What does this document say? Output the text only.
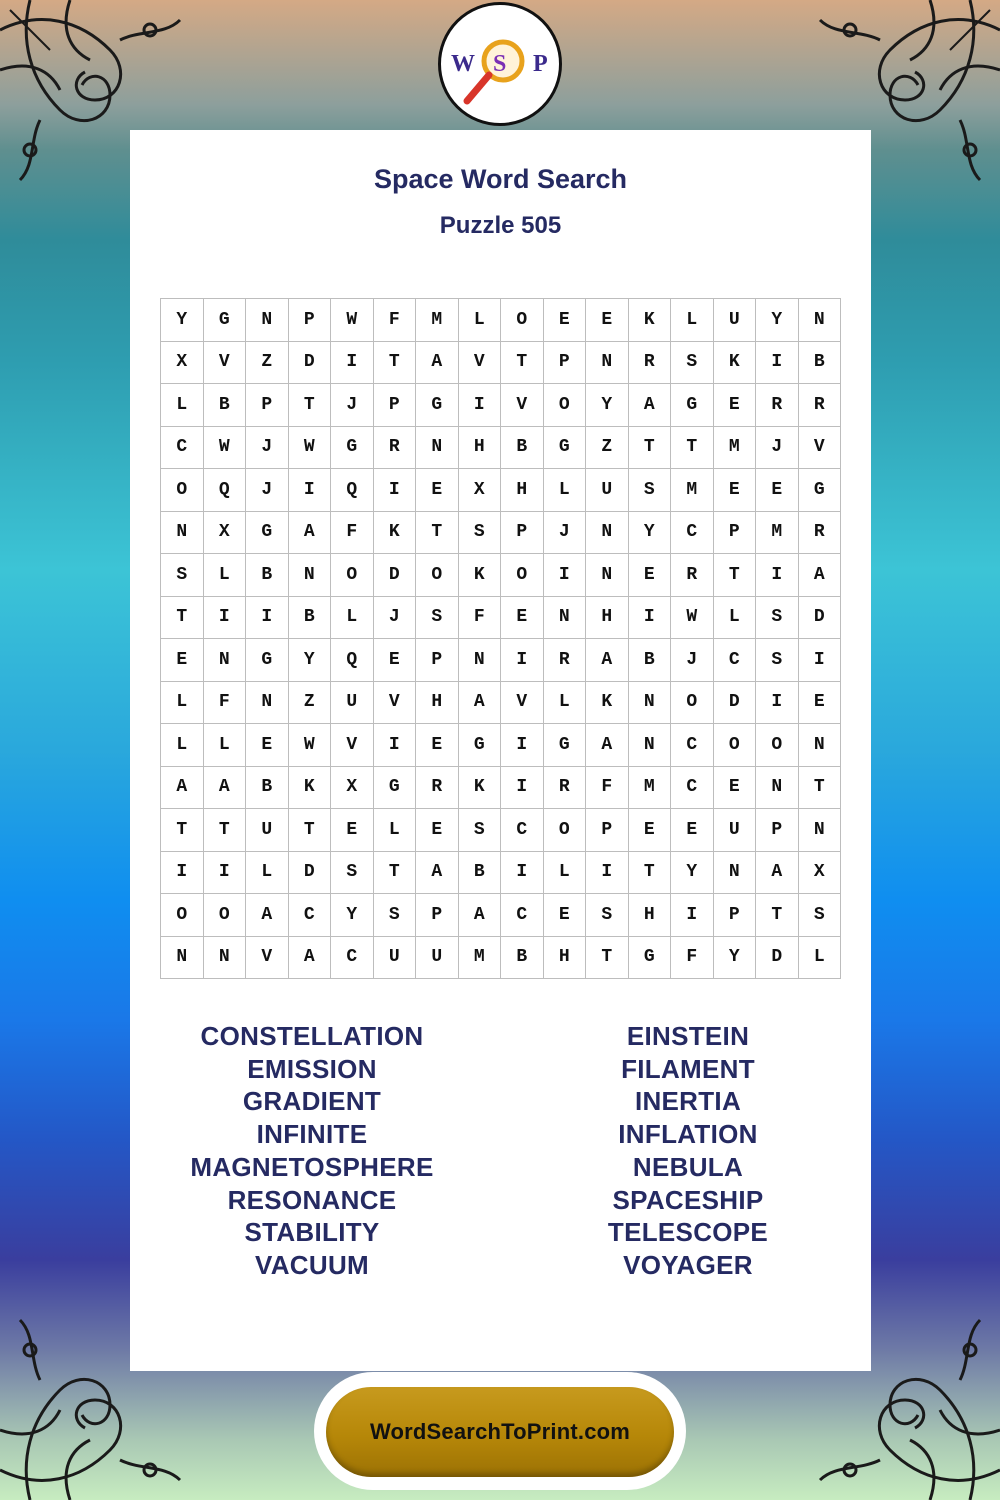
W S P
Space Word Search
Puzzle 505
Y	G	N	P	W	F	M	L	O	E	E	K	L	U	Y	N
X	V	Z	D	I	T	A	V	T	P	N	R	S	K	I	B
L	B	P	T	J	P	G	I	V	O	Y	A	G	E	R	R
C	W	J	W	G	R	N	H	B	G	Z	T	T	M	J	V
O	Q	J	I	Q	I	E	X	H	L	U	S	M	E	E	G
N	X	G	A	F	K	T	S	P	J	N	Y	C	P	M	R
S	L	B	N	O	D	O	K	O	I	N	E	R	T	I	A
T	I	I	B	L	J	S	F	E	N	H	I	W	L	S	D
E	N	G	Y	Q	E	P	N	I	R	A	B	J	C	S	I
L	F	N	Z	U	V	H	A	V	L	K	N	O	D	I	E
L	L	E	W	V	I	E	G	I	G	A	N	C	O	O	N
A	A	B	K	X	G	R	K	I	R	F	M	C	E	N	T
T	T	U	T	E	L	E	S	C	O	P	E	E	U	P	N
I	I	L	D	S	T	A	B	I	L	I	T	Y	N	A	X
O	O	A	C	Y	S	P	A	C	E	S	H	I	P	T	S
N	N	V	A	C	U	U	M	B	H	T	G	F	Y	D	L
CONSTELLATION
EMISSION
GRADIENT
INFINITE
MAGNETOSPHERE
RESONANCE
STABILITY
VACUUM
EINSTEIN
FILAMENT
INERTIA
INFLATION
NEBULA
SPACESHIP
TELESCOPE
VOYAGER
WordSearchToPrint.com
